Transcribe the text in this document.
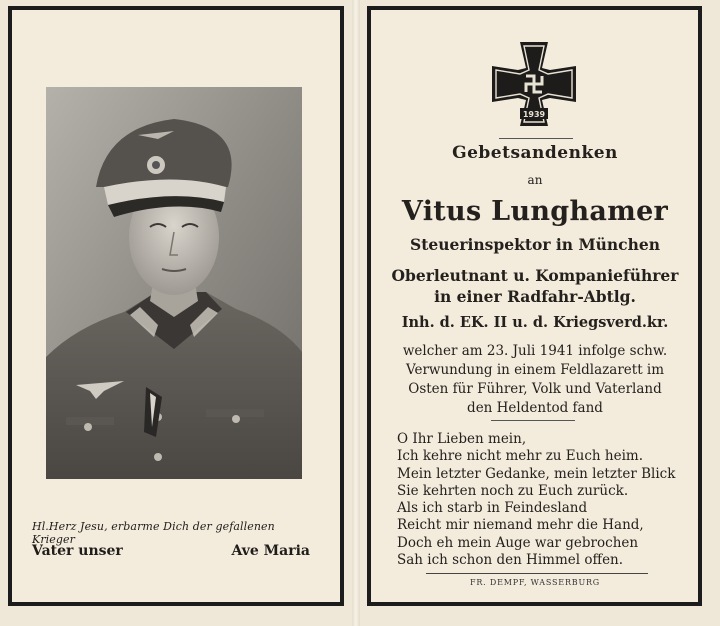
Hl.Herz Jesu, erbarme Dich der gefallenen Krieger
Vater unser	Ave Maria
1939
Gebetsandenken
an
Vitus Lunghamer
Steuerinspektor in München
Oberleutnant u. Kompanieführer
in einer Radfahr-Abtlg.
Inh. d. EK. II u. d. Kriegsverd.kr.
welcher am 23. Juli 1941 infolge schw.
Verwundung in einem Feldlazarett im
Osten für Führer, Volk und Vaterland
den Heldentod fand
O Ihr Lieben mein,
Ich kehre nicht mehr zu Euch heim.
Mein letzter Gedanke, mein letzter Blick
Sie kehrten noch zu Euch zurück.
Als ich starb in Feindesland
Reicht mir niemand mehr die Hand,
Doch eh mein Auge war gebrochen
Sah ich schon den Himmel offen.
FR. DEMPF, WASSERBURG
